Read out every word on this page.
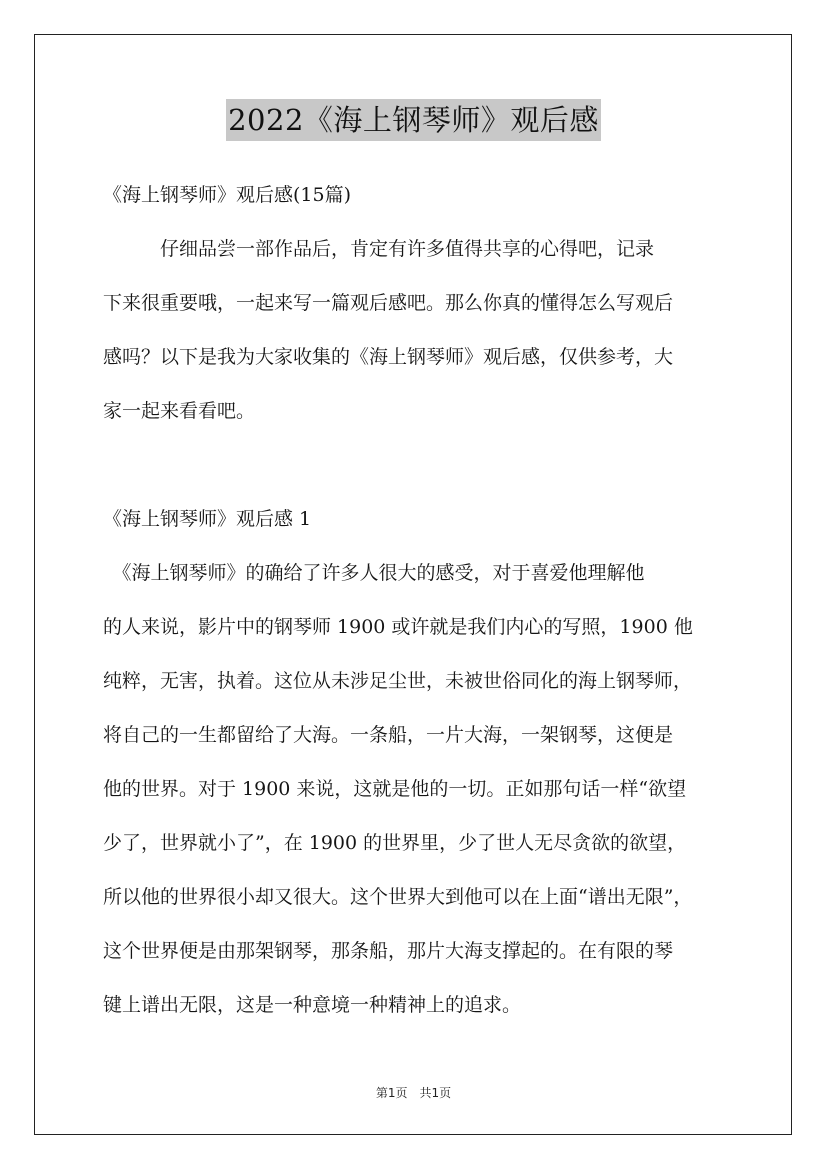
2022《海上钢琴师》观后感
《海上钢琴师》观后感(15篇)
　　　仔细品尝一部作品后，肯定有许多值得共享的心得吧，记录
下来很重要哦，一起来写一篇观后感吧。那么你真的懂得怎么写观后
感吗？以下是我为大家收集的《海上钢琴师》观后感，仅供参考，大
家一起来看看吧。
《海上钢琴师》观后感 1
　《海上钢琴师》的确给了许多人很大的感受，对于喜爱他理解他
的人来说，影片中的钢琴师 1900 或许就是我们内心的写照，1900 他
纯粹，无害，执着。这位从未涉足尘世，未被世俗同化的海上钢琴师，
将自己的一生都留给了大海。一条船，一片大海，一架钢琴，这便是
他的世界。对于 1900 来说，这就是他的一切。正如那句话一样“欲望
少了，世界就小了”，在 1900 的世界里，少了世人无尽贪欲的欲望，
所以他的世界很小却又很大。这个世界大到他可以在上面“谱出无限”，
这个世界便是由那架钢琴，那条船，那片大海支撑起的。在有限的琴
键上谱出无限，这是一种意境一种精神上的追求。
第1页　共1页
